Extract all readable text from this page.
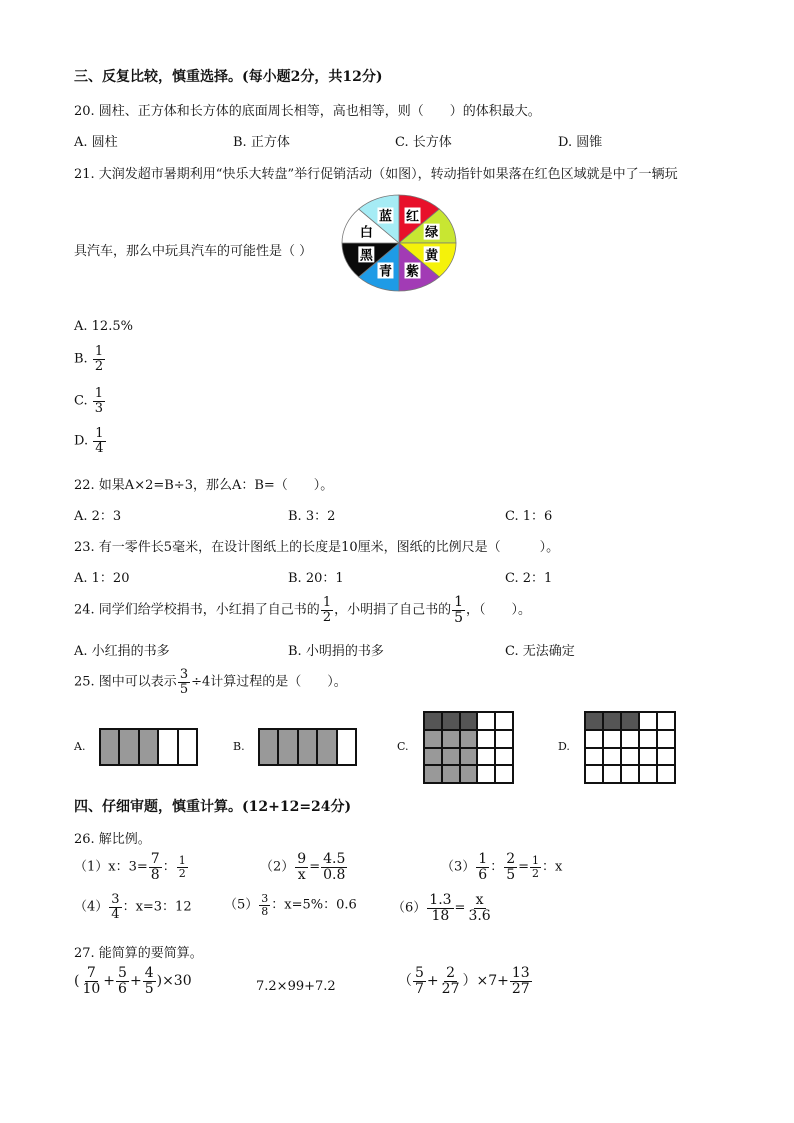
三、反复比较，慎重选择。(每小题2分，共12分)
20. 圆柱、正方体和长方体的底面周长相等，高也相等，则（　　）的体积最大。
A. 圆柱	B. 正方体	C. 长方体	D. 圆锥
21. 大润发超市暑期利用“快乐大转盘”举行促销活动（如图），转动指针如果落在红色区域就是中了一辆玩
具汽车，那么中玩具汽车的可能性是（ ）
红
绿
黄
紫
青
黑
白
蓝
A. 12.5%
B. $\frac{1}{2}$
C. $\frac{1}{3}$
D. $\frac{1}{4}$
22. 如果A×2=B÷3，那么A：B=（　　）。
A. 2：3	B. 3：2	C. 1：6
23. 有一零件长5毫米，在设计图纸上的长度是10厘米，图纸的比例尺是（　　　）。
A. 1：20	B. 20：1	C. 2：1
24. 同学们给学校捐书，小红捐了自己书的 $\frac{1}{2}$ ，小明捐了自己书的 $\frac{1}{5}$ ，（　　）。
A. 小红捐的书多	B. 小明捐的书多	C. 无法确定
25. 图中可以表示 $\frac{3}{5} \div 4$计算过程的是（　　）。
A.	B.	C.	D.
四、仔细审题，慎重计算。(12+12=24分)
26. 解比例。
（1）x：$3= \frac{7}{8}$ ： $\frac{1}{2}$	$(2) \frac{9}{x} = \frac{4.5}{0.8}$	$(3) \frac{1}{6}$ ： $\frac{2}{5} = \frac{1}{2}$ ：x
$(4) \frac{3}{4}$ ：x=3：12 $(5) \frac{3}{8}$ ：x=5%：0.6	$(6) \frac{1.3}{18} = \frac{x}{3.6}$
27. 能简算的要简算。
( $\frac{7}{10} + \frac{5}{6} + \frac{4}{5} )\times 30$	7.2×99+7.2	（ $\frac{5}{7} + \frac{2}{27} )\times 7+ \frac{13}{27}$
